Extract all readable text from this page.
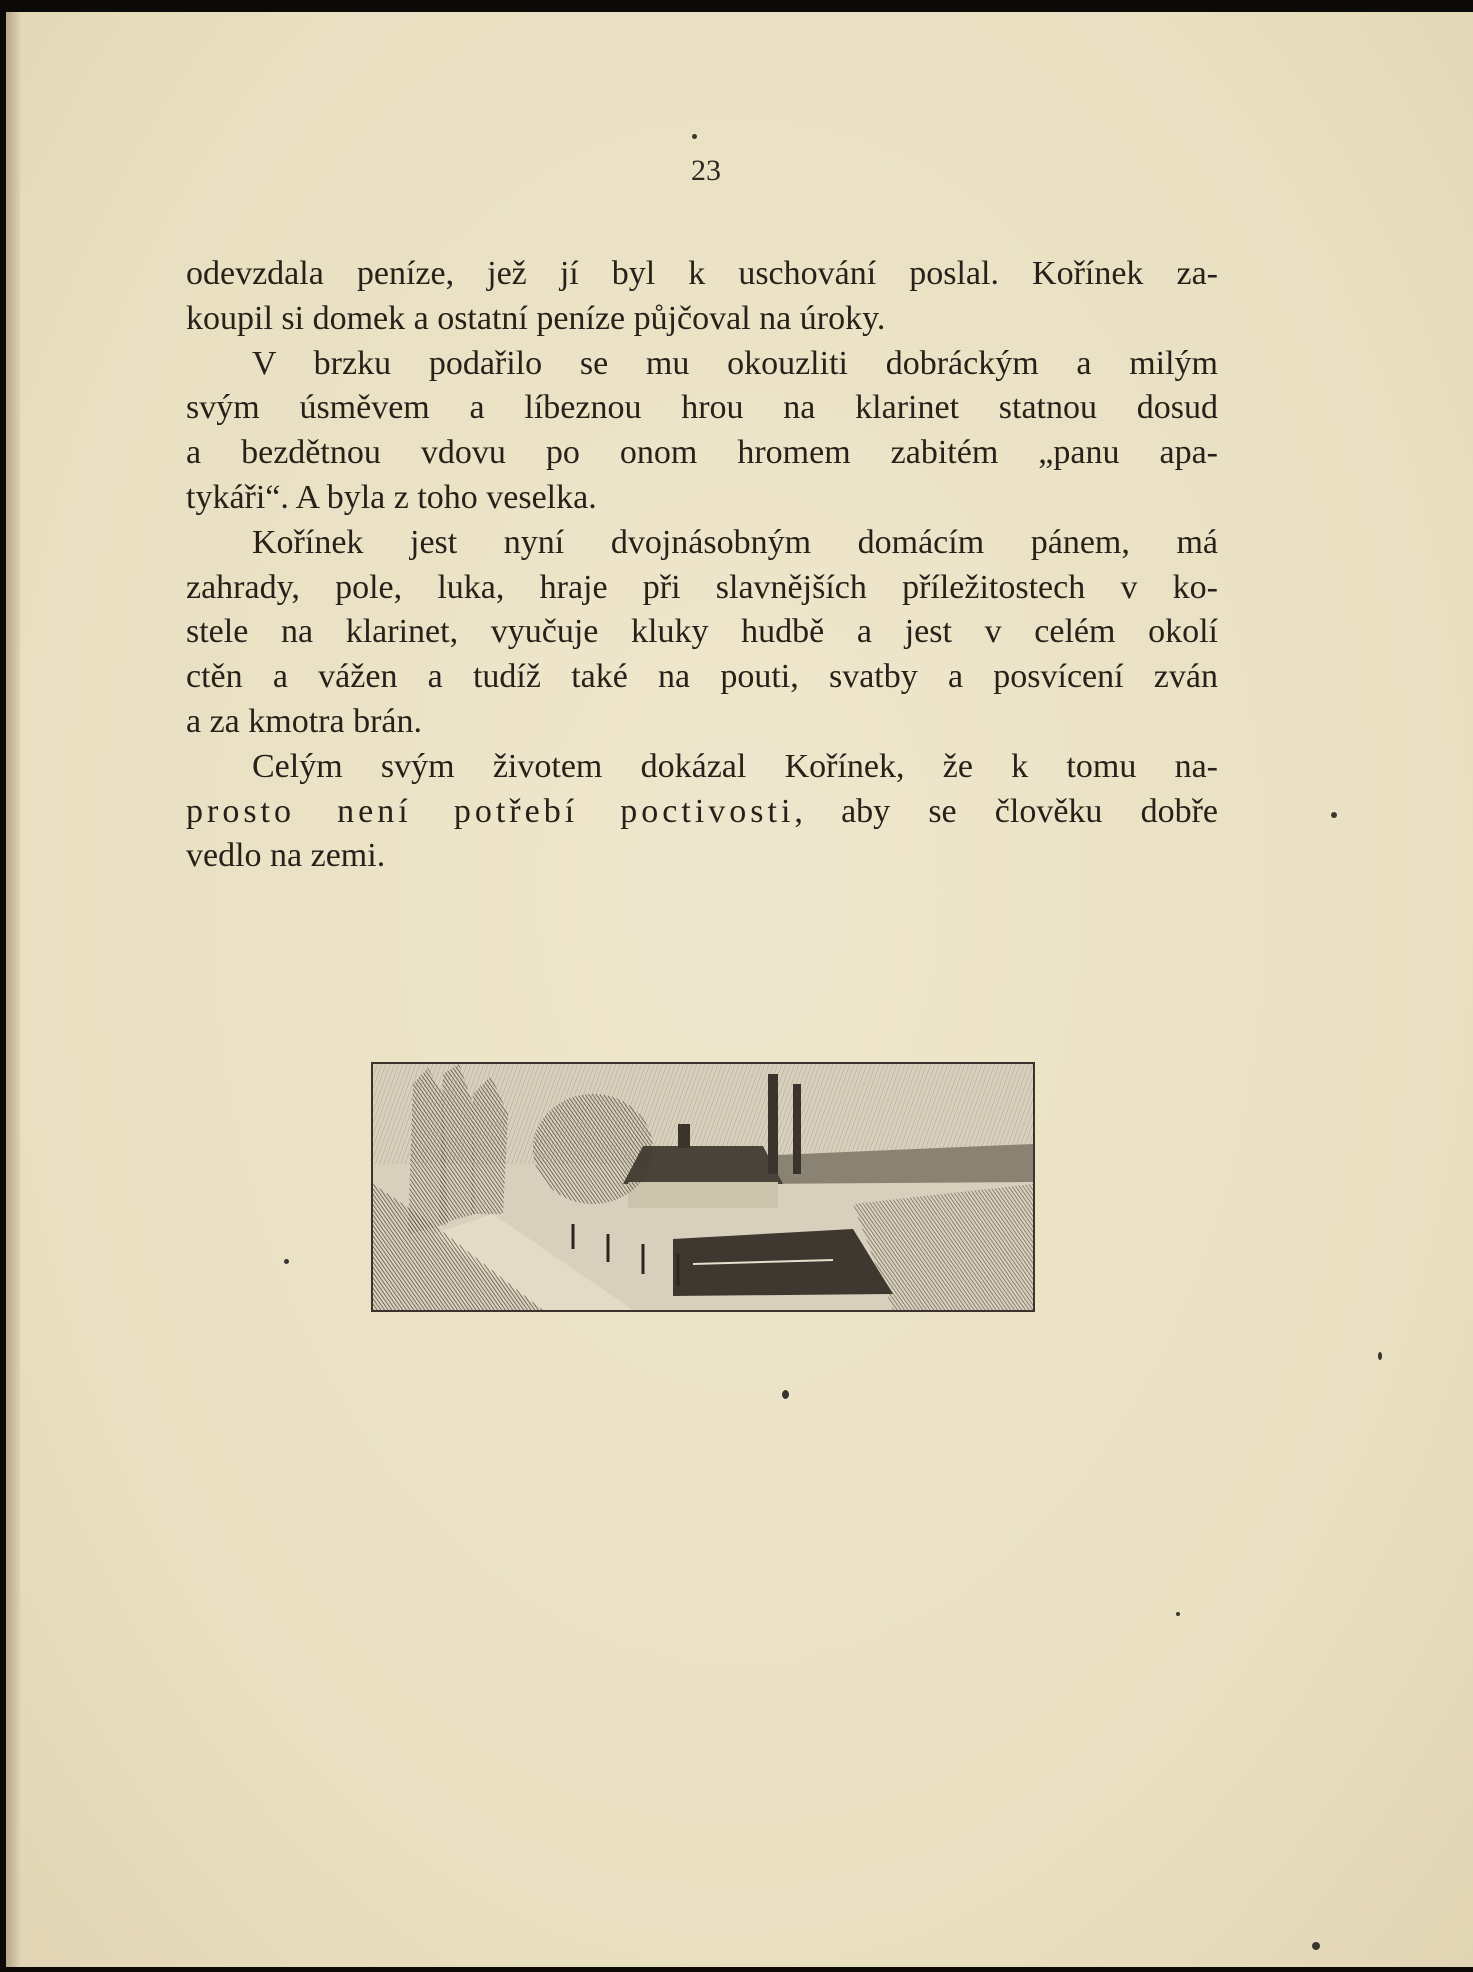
23
odevzdala peníze, jež jí byl k uschování poslal. Kořínek za-
koupil si domek a ostatní peníze půjčoval na úroky.
V brzku podařilo se mu okouzliti dobráckým a milým
svým úsměvem a líbeznou hrou na klarinet statnou dosud
a bezdětnou vdovu po onom hromem zabitém „panu apa-
tykáři“. A byla z toho veselka.
Kořínek jest nyní dvojnásobným domácím pánem, má
zahrady, pole, luka, hraje při slavnějších příležitostech v ko-
stele na klarinet, vyučuje kluky hudbě a jest v celém okolí
ctěn a vážen a tudíž také na pouti, svatby a posvícení zván
a za kmotra brán.
Celým svým životem dokázal Kořínek, že k tomu na-
prosto není potřebí poctivosti, aby se člověku dobře
vedlo na zemi.
